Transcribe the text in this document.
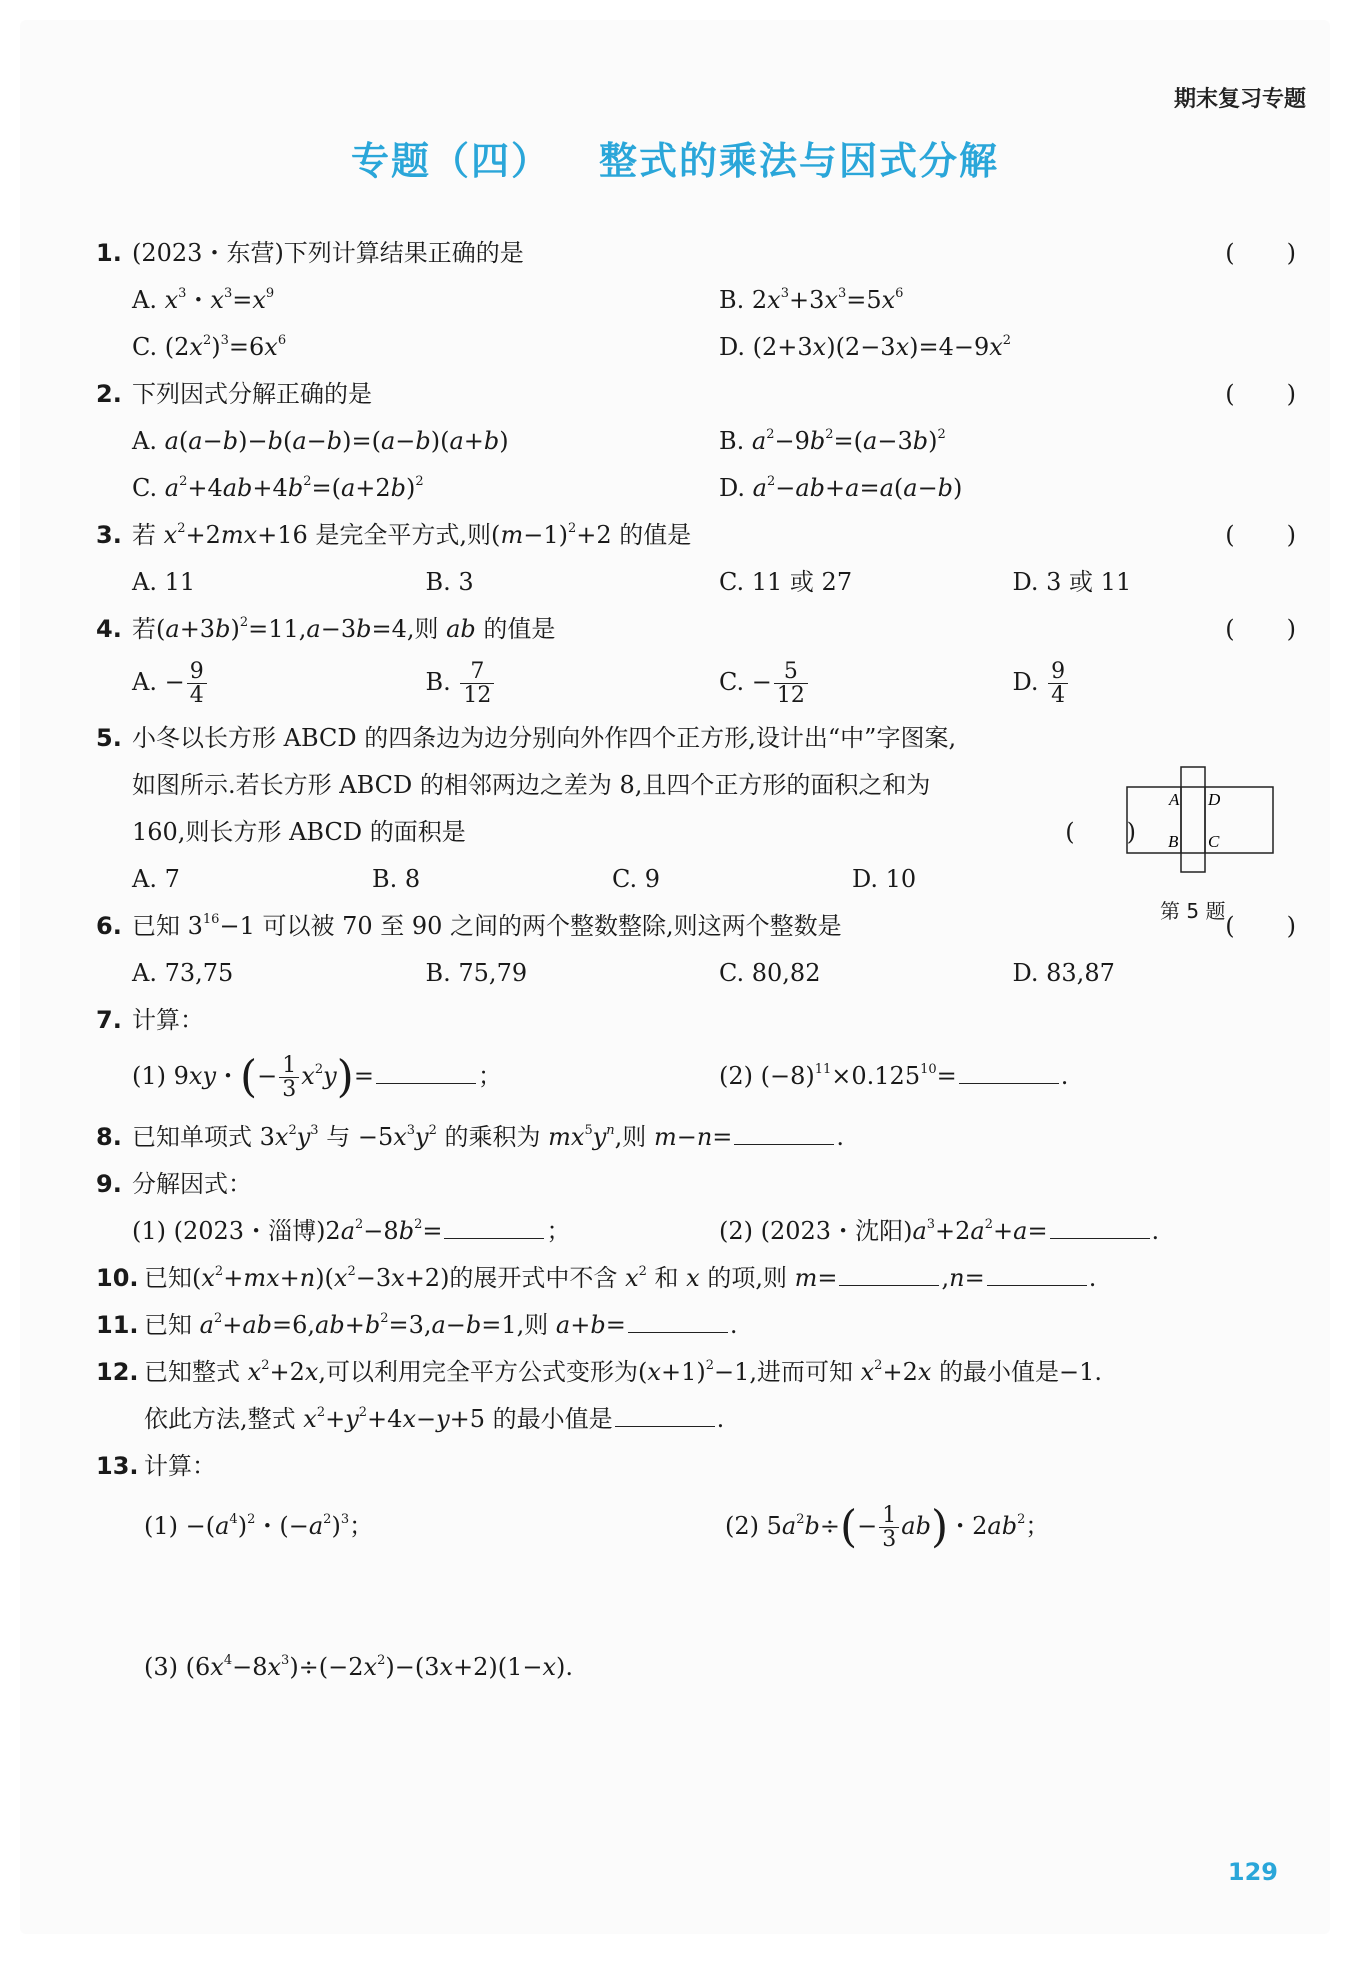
期末复习专题
专题（四） 整式的乘法与因式分解
1. (2023・东营)下列计算结果正确的是
(  )
A. $x^3$・$x^3=x^9$	B. $2x^3+3x^3=5x^6$
C. $(2x^2)^3=6x^6$	D. $(2+3x)(2-3x)=4-9x^2$
2. 下列因式分解正确的是
(  )
A. a(a−b)−b(a−b)=(a−b)(a+b)	B. $a^2-9b^2=(a-3b)^2$
C. $a^2+4ab+4b^2=(a+2b)^2$	D. $a^2-ab+a=a(a-b)$
3. 若 $x^2+2mx+16$ 是完全平方式,则$(m-1)^2+2$ 的值是
(  )
A. 11	B. 3	C. 11 或 27	D. 3 或 11
4. 若$(a+3b)^2=11,a-3b=4$,则 ab 的值是
(  )
A. − $\frac{9}{4}$	B. $\frac{7}{12}$	C. − $\frac{5}{12}$	D. $\frac{9}{4}$
5. 小冬以长方形 ABCD 的四条边为边分别向外作四个正方形,设计出“中”字图案,
如图所示.若长方形 ABCD 的相邻两边之差为 8,且四个正方形的面积之和为
160,则长方形 ABCD 的面积是
(  )
A. 7	B. 8	C. 9	D. 10
6. 已知 $3^{16}-1$ 可以被 70 至 90 之间的两个整数整除,则这两个整数是
(  )
A. 73,75	B. 75,79	C. 80,82	D. 83,87
7. 计算：
(1) 9xy・(− $\frac{1}{3} x^2y)=$	；	(2) $(-8)^{11}\times 0.125^{10}=$	.
8. 已知单项式 $3x^2y^3$ 与 $-5x^3y^2$ 的乘积为 $mx^5y^n$,则 m−n=	.
9. 分解因式：
(1) (2023・淄博)$2a^2-8b^2=$	；	(2) (2023・沈阳)$a^3+2a^2+a=$	.
10. 已知$(x^2+mx+n)(x^2-3x+2)$的展开式中不含 $x^2$ 和 x 的项,则 m=	,n=	.
11. 已知 $a^2+ab=6,ab+b^2=3,a-b=1$,则 a+b=	.
12. 已知整式 $x^2+2x$,可以利用完全平方公式变形为$(x+1)^2-1$,进而可知 $x^2+2x$ 的最小值是−1.
依此方法,整式 $x^2+y^2+4x-y+5$ 的最小值是	.
13. 计算：
$(1) -(a^4)^2$・$(-a^2)^3$；	(2) $5a^2b\div(- \frac{1}{3} ab)$・$2ab^2$；
(3) $(6x^4-8x^3)\div(-2x^2)-(3x+2)(1-x)$.
A D
B C
第 5 题
129
